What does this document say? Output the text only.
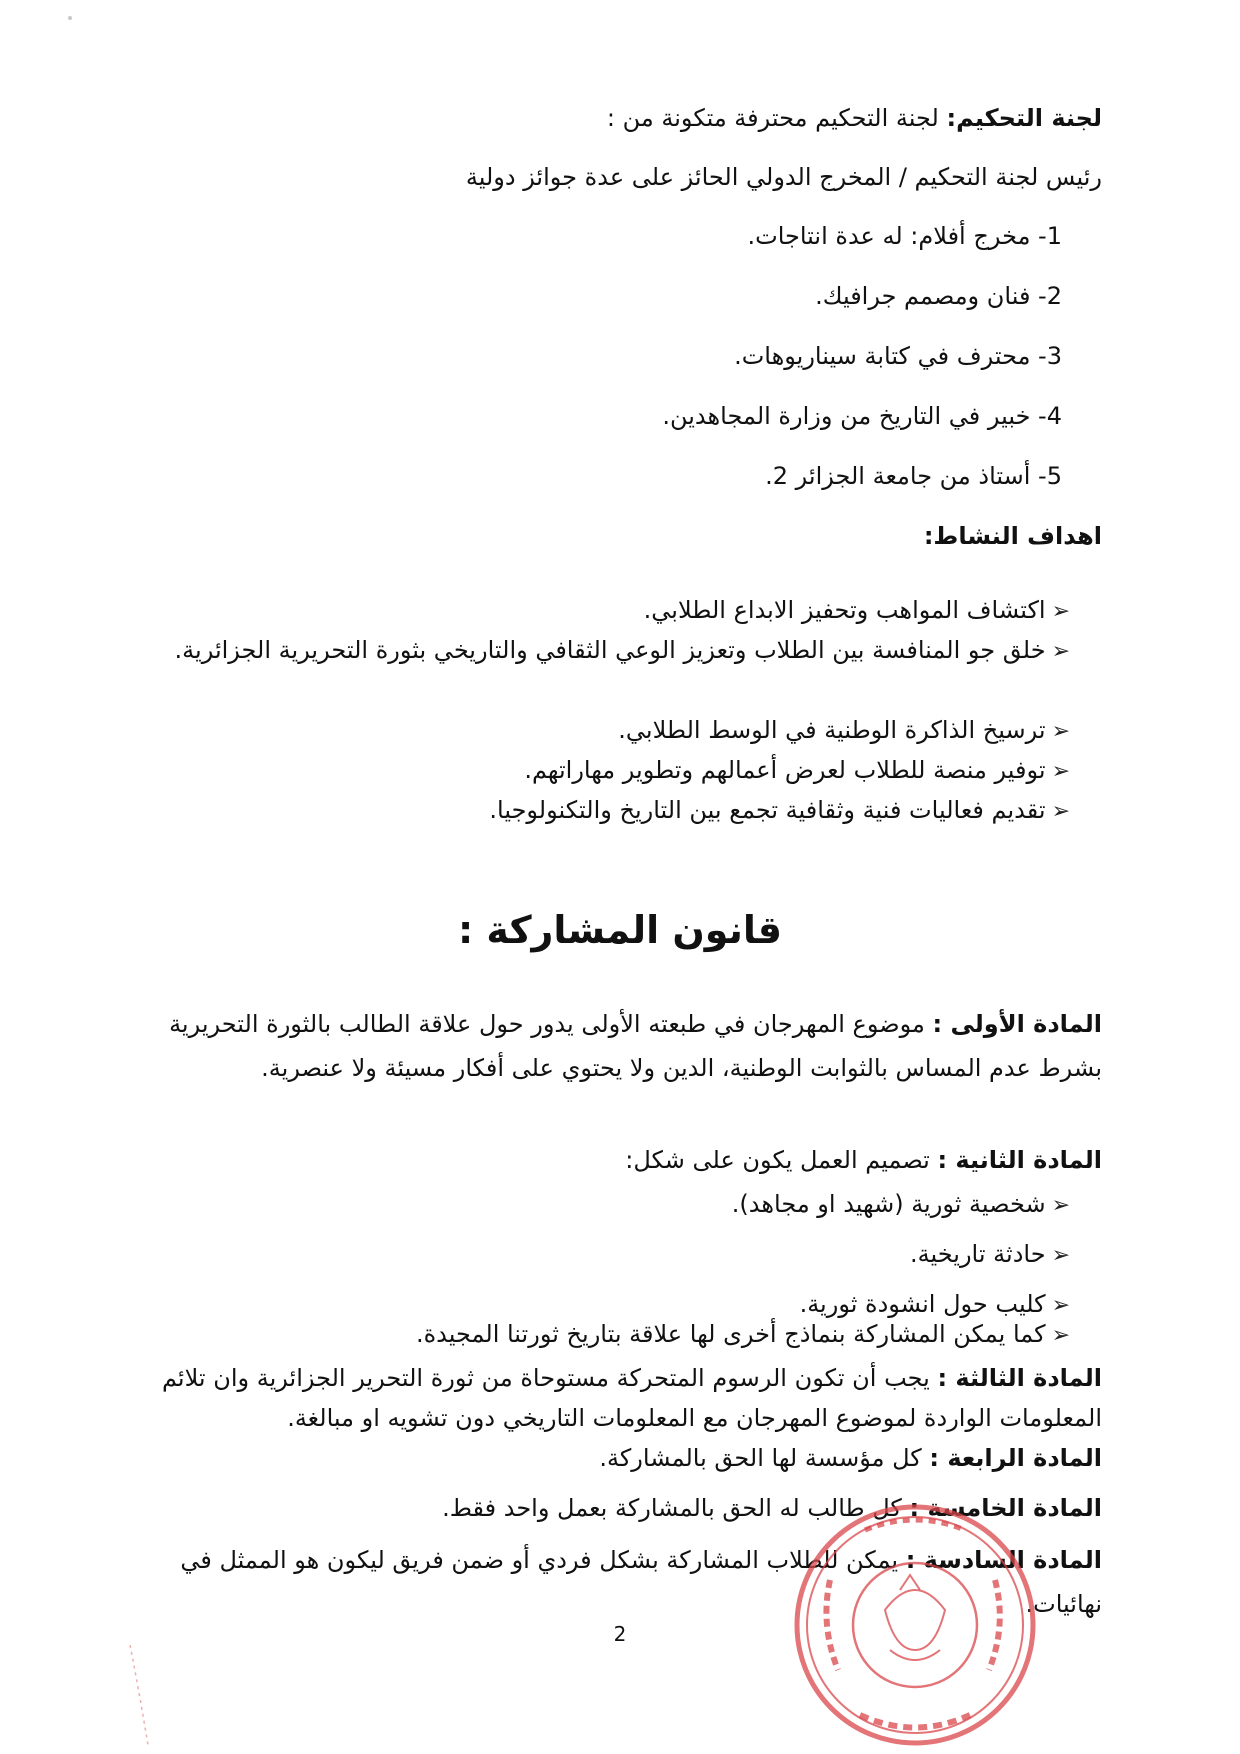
لجنة التحكيم: لجنة التحكيم محترفة متكونة من :
رئيس لجنة التحكيم / المخرج الدولي الحائز على عدة جوائز دولية
1- مخرج أفلام: له عدة انتاجات.
2- فنان ومصمم جرافيك.
3- محترف في كتابة سيناريوهات.
4- خبير في التاريخ من وزارة المجاهدين.
5- أستاذ من جامعة الجزائر 2.
اهداف النشاط:
➢اكتشاف المواهب وتحفيز الابداع الطلابي.
➢خلق جو المنافسة بين الطلاب وتعزيز الوعي الثقافي والتاريخي بثورة التحريرية الجزائرية.
➢ترسيخ الذاكرة الوطنية في الوسط الطلابي.
➢توفير منصة للطلاب لعرض أعمالهم وتطوير مهاراتهم.
➢تقديم فعاليات فنية وثقافية تجمع بين التاريخ والتكنولوجيا.
قانون المشاركة :
المادة الأولى : موضوع المهرجان في طبعته الأولى يدور حول علاقة الطالب بالثورة التحريرية بشرط عدم المساس بالثوابت الوطنية، الدين ولا يحتوي على أفكار مسيئة ولا عنصرية.
المادة الثانية : تصميم العمل يكون على شكل:
➢شخصية ثورية (شهيد او مجاهد).
➢حادثة تاريخية.
➢كليب حول انشودة ثورية.
➢كما يمكن المشاركة بنماذج أخرى لها علاقة بتاريخ ثورتنا المجيدة.
المادة الثالثة : يجب أن تكون الرسوم المتحركة مستوحاة من ثورة التحرير الجزائرية وان تلائم المعلومات الواردة لموضوع المهرجان مع المعلومات التاريخي دون تشويه او مبالغة.
المادة الرابعة : كل مؤسسة لها الحق بالمشاركة.
المادة الخامسة : كل طالب له الحق بالمشاركة بعمل واحد فقط.
المادة السادسة : يمكن للطلاب المشاركة بشكل فردي أو ضمن فريق ليكون هو الممثل في نهائيات.
2
